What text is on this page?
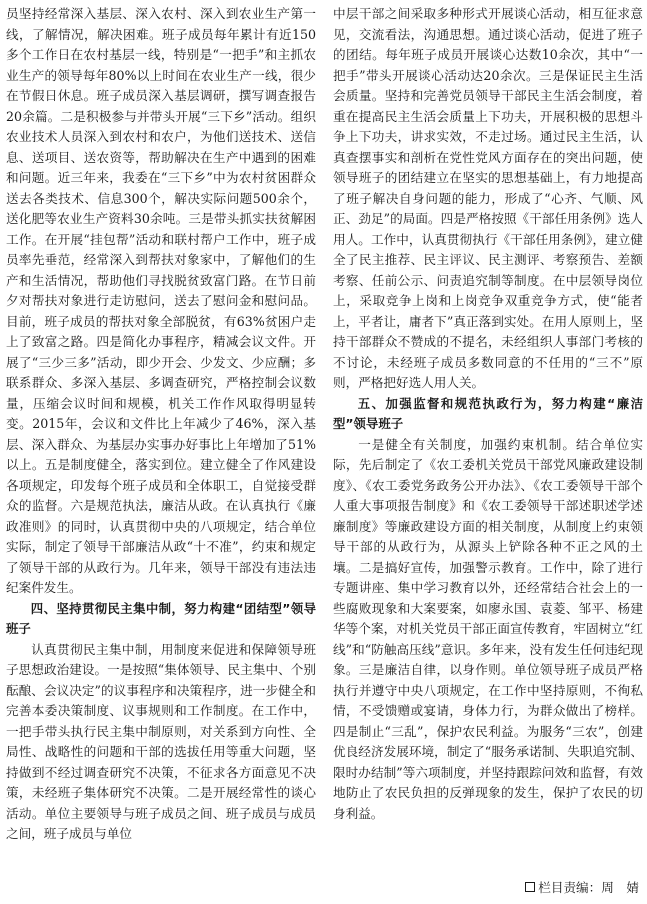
员坚持经常深入基层、深入农村、深入到农业生产第一线，了解情况，解决困难。班子成员每年累计有近150多个工作日在农村基层一线，特别是“一把手”和主抓农业生产的领导每年80%以上时间在农业生产一线，很少在节假日休息。班子成员深入基层调研，撰写调查报告20余篇。二是积极参与并带头开展“三下乡”活动。组织农业技术人员深入到农村和农户，为他们送技术、送信息、送项目、送农资等，帮助解决在生产中遇到的困难和问题。近三年来，我委在“三下乡”中为农村贫困群众送去各类技术、信息300个，解决实际问题500余个，送化肥等农业生产资料30余吨。三是带头抓实扶贫解困工作。在开展“挂包帮”活动和联村帮户工作中，班子成员率先垂范，经常深入到帮扶对象家中，了解他们的生产和生活情况，帮助他们寻找脱贫致富门路。在节日前夕对帮扶对象进行走访慰问，送去了慰问金和慰问品。目前，班子成员的帮扶对象全部脱贫，有63%贫困户走上了致富之路。四是简化办事程序，精减会议文件。开展了“三少三多”活动，即少开会、少发文、少应酬；多联系群众、多深入基层、多调查研究，严格控制会议数量，压缩会议时间和规模，机关工作作风取得明显转变。2015年，会议和文件比上年减少了46%，深入基层、深入群众、为基层办实事办好事比上年增加了51%以上。五是制度健全，落实到位。建立健全了作风建设各项规定，印发每个班子成员和全体职工，自觉接受群众的监督。六是规范执法，廉洁从政。在认真执行《廉政准则》的同时，认真贯彻中央的八项规定，结合单位实际，制定了领导干部廉洁从政“十不准”，约束和规定了领导干部的从政行为。几年来，领导干部没有违法违纪案件发生。

四、坚持贯彻民主集中制，努力构建“团结型”领导班子

认真贯彻民主集中制，用制度来促进和保障领导班子思想政治建设。一是按照“集体领导、民主集中、个别酝酿、会议决定”的议事程序和决策程序，进一步健全和完善本委决策制度、议事规则和工作制度。在工作中，一把手带头执行民主集中制原则，对关系到方向性、全局性、战略性的问题和干部的选拔任用等重大问题，坚持做到不经过调查研究不决策，不征求各方面意见不决策，未经班子集体研究不决策。二是开展经常性的谈心活动。单位主要领导与班子成员之间、班子成员与成员之间，班子成员与单位

中层干部之间采取多种形式开展谈心活动，相互征求意见，交流看法，沟通思想。通过谈心活动，促进了班子的团结。每年班子成员开展谈心达数10余次，其中“一把手”带头开展谈心活动达20余次。三是保证民主生活会质量。坚持和完善党员领导干部民主生活会制度，着重在提高民主生活会质量上下功夫，开展积极的思想斗争上下功夫，讲求实效，不走过场。通过民主生活，认真查摆事实和剖析在党性党风方面存在的突出问题，使领导班子的团结建立在坚实的思想基础上，有力地提高了班子解决自身问题的能力，形成了“心齐、气顺、风正、劲足”的局面。四是严格按照《干部任用条例》选人用人。工作中，认真贯彻执行《干部任用条例》，建立健全了民主推荐、民主评议、民主测评、考察预告、差额考察、任前公示、问责追究制等制度。在中层领导岗位上，采取竞争上岗和上岗竞争双重竞争方式，使“能者上，平者让，庸者下”真正落到实处。在用人原则上，坚持干部群众不赞成的不提名，未经组织人事部门考核的不讨论，未经班子成员多数同意的不任用的“三不”原则，严格把好选人用人关。

五、加强监督和规范执政行为，努力构建“廉洁型”领导班子

一是健全有关制度，加强约束机制。结合单位实际，先后制定了《农工委机关党员干部党风廉政建设制度》、《农工委党务政务公开办法》、《农工委领导干部个人重大事项报告制度》和《农工委领导干部述职述学述廉制度》等廉政建设方面的相关制度，从制度上约束领导干部的从政行为，从源头上铲除各种不正之风的土壤。二是搞好宣传，加强警示教育。工作中，除了进行专题讲座、集中学习教育以外，还经常结合社会上的一些腐败现象和大案要案，如廖永国、袁菱、邹平、杨建华等个案，对机关党员干部正面宣传教育，牢固树立“红线”和“防触高压线”意识。多年来，没有发生任何违纪现象。三是廉洁自律，以身作则。单位领导班子成员严格执行并遵守中央八项规定，在工作中坚持原则，不徇私情，不受馈赠或宴请，身体力行，为群众做出了榜样。四是制止“三乱”，保护农民利益。为服务“三农”，创建优良经济发展环境，制定了“服务承诺制、失职追究制、限时办结制”等六项制度，并坚持跟踪问效和监督，有效地防止了农民负担的反弹现象的发生，保护了农民的切身利益。

栏目责编：周　婧
